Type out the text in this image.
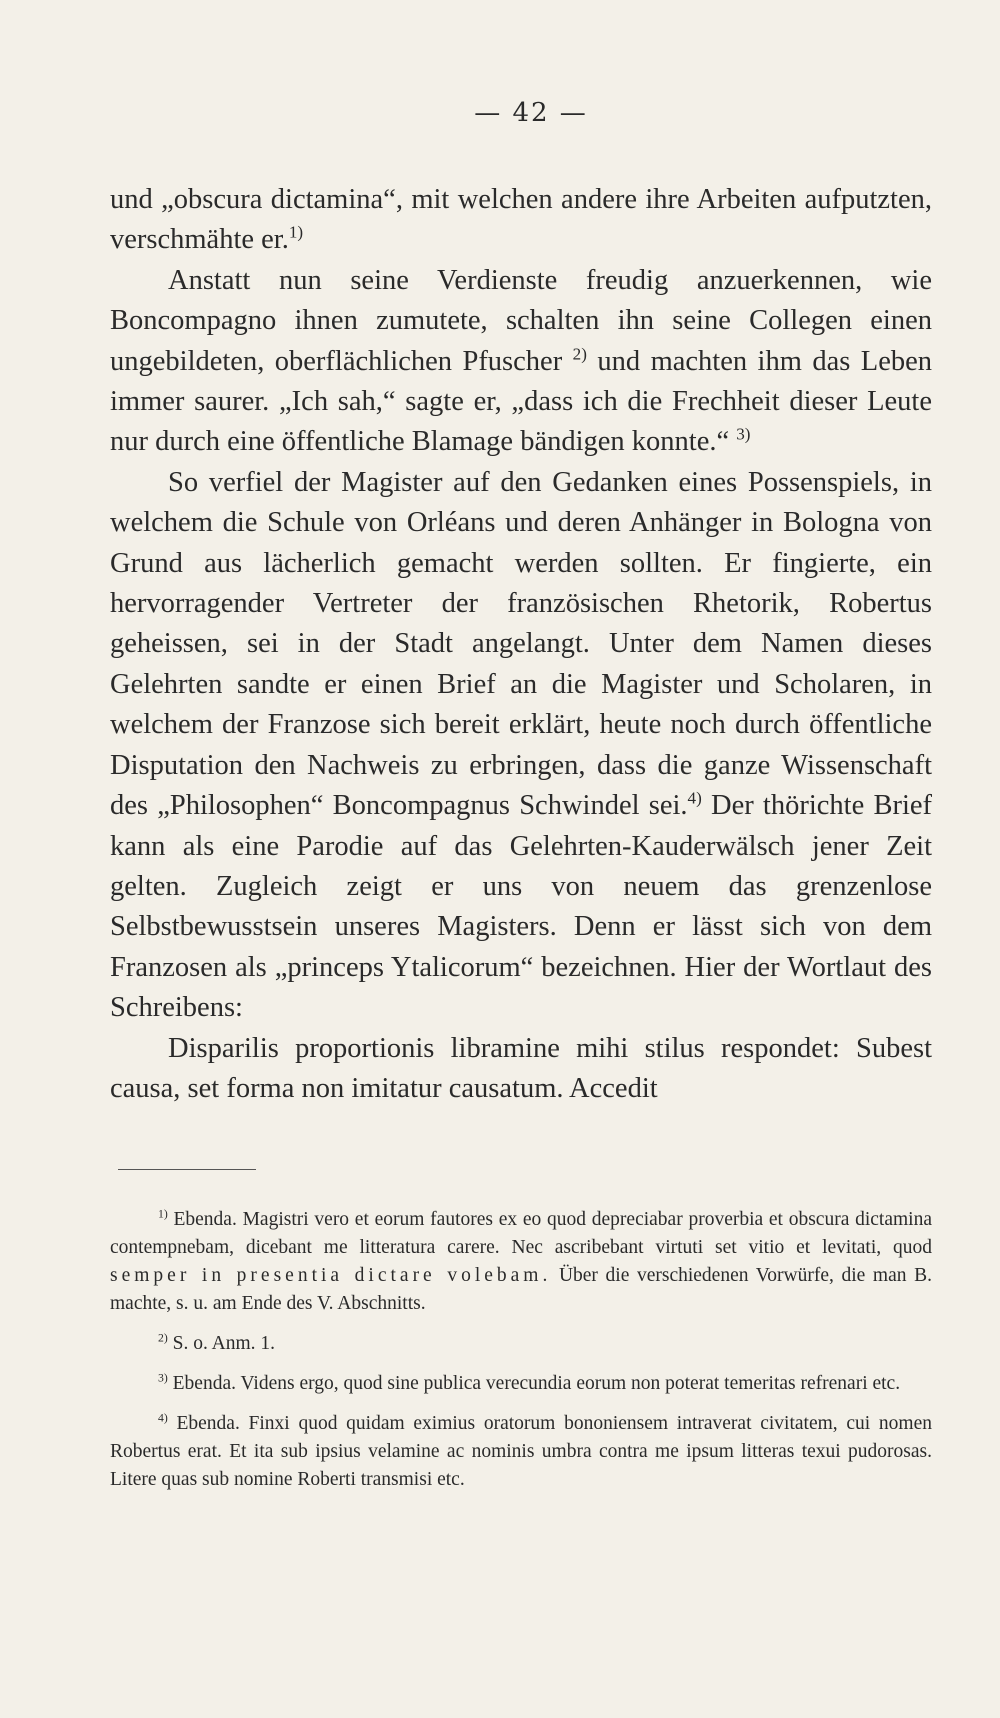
— 42 —

und „obscura dictamina“, mit welchen andere ihre Arbeiten aufputzten, verschmähte er.$^{1)}$

Anstatt nun seine Verdienste freudig anzuerkennen, wie Boncompagno ihnen zumutete, schalten ihn seine Collegen einen ungebildeten, oberflächlichen Pfuscher $^{2)}$ und machten ihm das Leben immer saurer. „Ich sah,“ sagte er, „dass ich die Frechheit dieser Leute nur durch eine öffentliche Blamage bändigen konnte.“ $^{3)}$

So verfiel der Magister auf den Gedanken eines Possenspiels, in welchem die Schule von Orléans und deren Anhänger in Bologna von Grund aus lächerlich gemacht werden sollten. Er fingierte, ein hervorragender Vertreter der französischen Rhetorik, Robertus geheissen, sei in der Stadt angelangt. Unter dem Namen dieses Gelehrten sandte er einen Brief an die Magister und Scholaren, in welchem der Franzose sich bereit erklärt, heute noch durch öffentliche Disputation den Nachweis zu erbringen, dass die ganze Wissenschaft des „Philosophen“ Boncompagnus Schwindel sei.$^{4)}$ Der thörichte Brief kann als eine Parodie auf das Gelehrten-Kauderwälsch jener Zeit gelten. Zugleich zeigt er uns von neuem das grenzenlose Selbstbewusstsein unseres Magisters. Denn er lässt sich von dem Franzosen als „princeps Ytalicorum“ bezeichnen. Hier der Wortlaut des Schreibens:

Disparilis proportionis libramine mihi stilus respondet: Subest causa, set forma non imitatur causatum. Accedit

$^{1)}$ Ebenda. Magistri vero et eorum fautores ex eo quod depreciabar proverbia et obscura dictamina contempnebam, dicebant me litteratura carere. Nec ascribebant virtuti set vitio et levitati, quod semper in presentia dictare volebam. Über die verschiedenen Vorwürfe, die man B. machte, s. u. am Ende des V. Abschnitts.

$^{2)}$ S. o. Anm. 1.

$^{3)}$ Ebenda. Videns ergo, quod sine publica verecundia eorum non poterat temeritas refrenari etc.

$^{4)}$ Ebenda. Finxi quod quidam eximius oratorum bononiensem intraverat civitatem, cui nomen Robertus erat. Et ita sub ipsius velamine ac nominis umbra contra me ipsum litteras texui pudorosas. Litere quas sub nomine Roberti transmisi etc.
